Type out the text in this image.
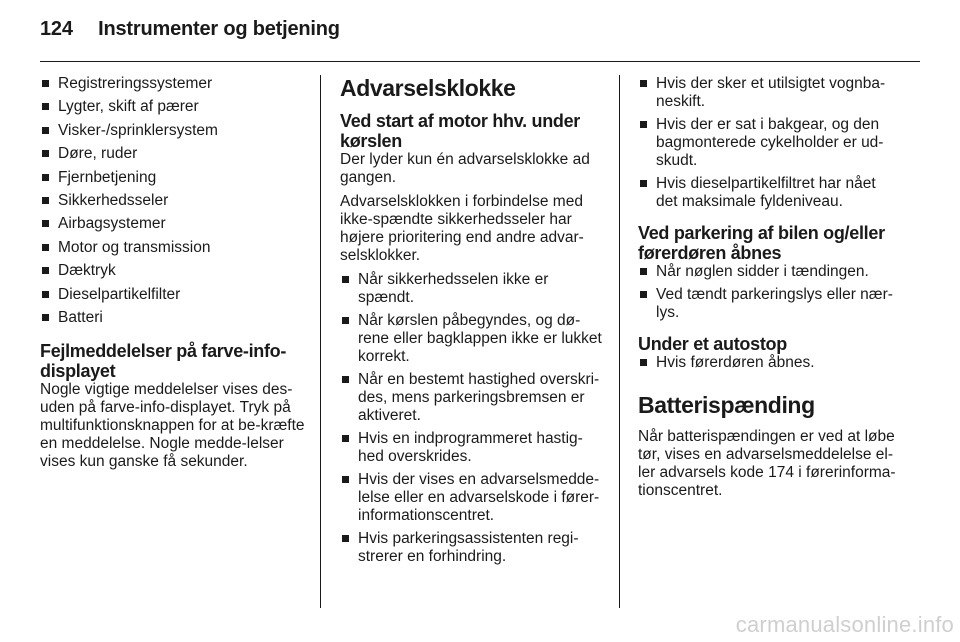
124 Instrumenter og betjening
Registreringssystemer
Lygter, skift af pærer
Visker-/sprinklersystem
Døre, ruder
Fjernbetjening
Sikkerhedsseler
Airbagsystemer
Motor og transmission
Dæktryk
Dieselpartikelfilter
Batteri
Fejlmeddelelser på farve-info-displayet

Nogle vigtige meddelelser vises des-uden på farve-info-displayet. Tryk på multifunktionsknappen for at be-kræfte en meddelelse. Nogle medde-lelser vises kun ganske få sekunder.

Advarselsklokke
Ved start af motor hhv. under kørslen

Der lyder kun én advarselsklokke ad gangen.

Advarselsklokken i forbindelse med ikke-spændte sikkerhedsseler har højere prioritering end andre advar-selsklokker.

Når sikkerhedsselen ikke er spændt.
Når kørslen påbegyndes, og dø-rene eller bagklappen ikke er lukket korrekt.
Når en bestemt hastighed overskri-des, mens parkeringsbremsen er aktiveret.
Hvis en indprogrammeret hastig-hed overskrides.
Hvis der vises en advarselsmedde-lelse eller en advarselskode i fører-informationscentret.
Hvis parkeringsassistenten regi-strerer en forhindring.
Hvis der sker et utilsigtet vognba-neskift.
Hvis der er sat i bakgear, og den bagmonterede cykelholder er ud-skudt.
Hvis dieselpartikelfiltret har nået det maksimale fyldeniveau.
Ved parkering af bilen og/eller førerdøren åbnes
Når nøglen sidder i tændingen.
Ved tændt parkeringslys eller nær-lys.
Under et autostop
Hvis førerdøren åbnes.
Batterispænding

Når batterispændingen er ved at løbe tør, vises en advarselsmeddelelse el-ler advarsels kode 174 i førerinforma-tionscentret.

carmanualsonline.info
